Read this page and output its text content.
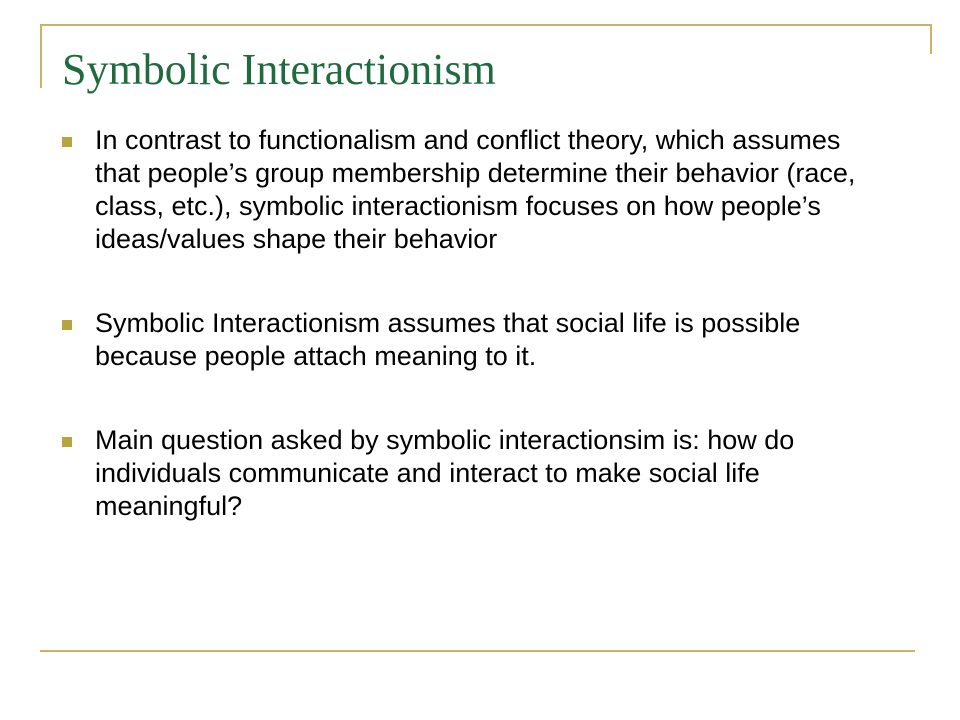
Symbolic Interactionism
In contrast to functionalism and conflict theory, which assumes that people’s group membership determine their behavior (race, class, etc.), symbolic interactionism focuses on how people’s ideas/values shape their behavior
Symbolic Interactionism assumes that social life is possible because people attach meaning to it.
Main question asked by symbolic interactionsim is: how do individuals communicate and interact to make social life meaningful?
